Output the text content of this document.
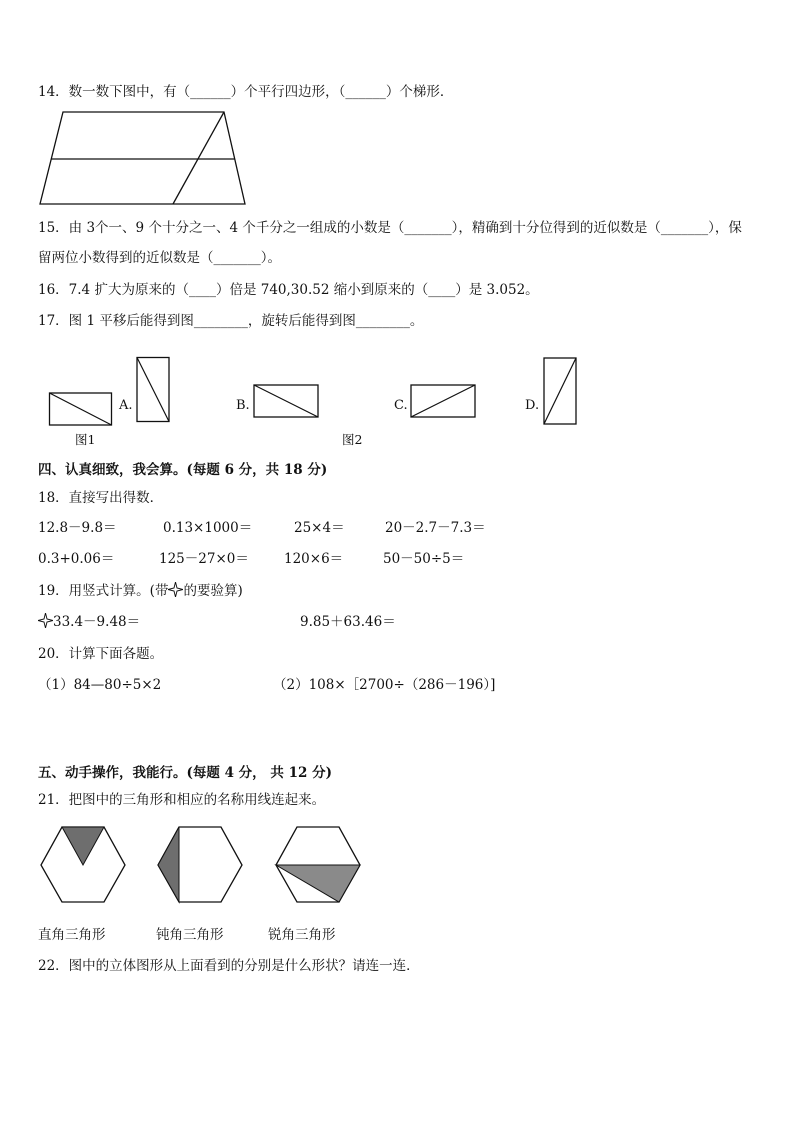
14．数一数下图中，有（______）个平行四边形，（______）个梯形．
15．由 3个一、9 个十分之一、4 个千分之一组成的小数是（_______），精确到十分位得到的近似数是（_______），保
留两位小数得到的近似数是（_______）。
16．7.4 扩大为原来的（____）倍是 740,30.52 缩小到原来的（____）是 3.052。
17．图 1 平移后能得到图________，旋转后能得到图________。
图1
A.	B.
图2
C.	D.
四、认真细致，我会算。(每题 6 分，共 18 分)
18．直接写出得数．
12.8－9.8＝	0.13×1000＝	25×4＝	20－2.7－7.3＝
0.3+0.06＝	125－27×0＝	120×6＝	50－50÷5＝
19．用竖式计算。(带 的要验算)
33.4－9.48＝	9.85＋63.46＝
20．计算下面各题。
（1）84—80÷5×2	（2）108×［2700÷（286－196）]
五、动手操作，我能行。(每题 4 分， 共 12 分)
21．把图中的三角形和相应的名称用线连起来。
直角三角形	钝角三角形	锐角三角形
22．图中的立体图形从上面看到的分别是什么形状？请连一连．
